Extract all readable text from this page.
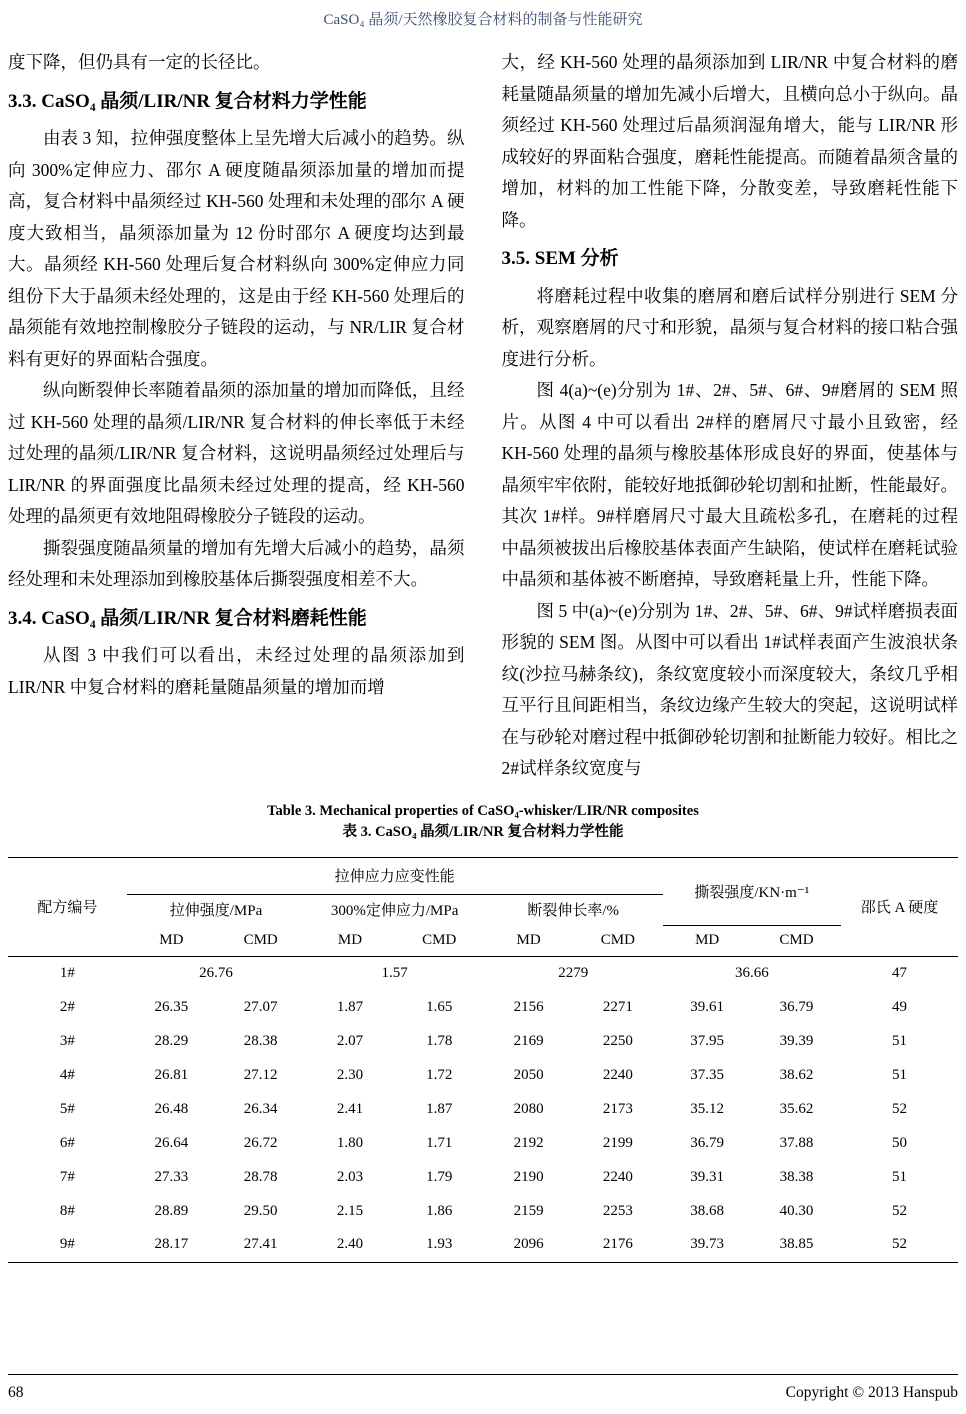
CaSO₄ 晶须/天然橡胶复合材料的制备与性能研究

度下降，但仍具有一定的长径比。

3.3. CaSO₄ 晶须/LIR/NR 复合材料力学性能

由表 3 知，拉伸强度整体上呈先增大后减小的趋势。纵向 300%定伸应力、邵尔 A 硬度随晶须添加量的增加而提高，复合材料中晶须经过 KH-560 处理和未处理的邵尔 A 硬度大致相当，晶须添加量为 12 份时邵尔 A 硬度均达到最大。晶须经 KH-560 处理后复合材料纵向 300%定伸应力同组份下大于晶须未经处理的，这是由于经 KH-560 处理后的晶须能有效地控制橡胶分子链段的运动，与 NR/LIR 复合材料有更好的界面粘合强度。

纵向断裂伸长率随着晶须的添加量的增加而降低，且经过 KH-560 处理的晶须/LIR/NR 复合材料的伸长率低于未经过处理的晶须/LIR/NR 复合材料，这说明晶须经过处理后与 LIR/NR 的界面强度比晶须未经过处理的提高，经 KH-560 处理的晶须更有效地阻碍橡胶分子链段的运动。

撕裂强度随晶须量的增加有先增大后减小的趋势，晶须经处理和未处理添加到橡胶基体后撕裂强度相差不大。

3.4. CaSO₄ 晶须/LIR/NR 复合材料磨耗性能

从图 3 中我们可以看出，未经过处理的晶须添加到 LIR/NR 中复合材料的磨耗量随晶须量的增加而增

大，经 KH-560 处理的晶须添加到 LIR/NR 中复合材料的磨耗量随晶须量的增加先减小后增大，且横向总小于纵向。晶须经过 KH-560 处理过后晶须润湿角增大，能与 LIR/NR 形成较好的界面粘合强度，磨耗性能提高。而随着晶须含量的增加，材料的加工性能下降，分散变差，导致磨耗性能下降。

3.5. SEM 分析

将磨耗过程中收集的磨屑和磨后试样分别进行 SEM 分析，观察磨屑的尺寸和形貌，晶须与复合材料的接口粘合强度进行分析。

图 4(a)~(e)分别为 1#、2#、5#、6#、9#磨屑的 SEM 照片。从图 4 中可以看出 2#样的磨屑尺寸最小且致密，经 KH-560 处理的晶须与橡胶基体形成良好的界面，使基体与晶须牢牢依附，能较好地抵御砂轮切割和扯断，性能最好。其次 1#样。9#样磨屑尺寸最大且疏松多孔，在磨耗的过程中晶须被拔出后橡胶基体表面产生缺陷，使试样在磨耗试验中晶须和基体被不断磨掉，导致磨耗量上升，性能下降。

图 5 中(a)~(e)分别为 1#、2#、5#、6#、9#试样磨损表面形貌的 SEM 图。从图中可以看出 1#试样表面产生波浪状条纹(沙拉马赫条纹)，条纹宽度较小而深度较大，条纹几乎相互平行且间距相当，条纹边缘产生较大的突起，这说明试样在与砂轮对磨过程中抵御砂轮切割和扯断能力较好。相比之 2#试样条纹宽度与

Table 3. Mechanical properties of CaSO₄-whisker/LIR/NR composites
表 3. CaSO₄ 晶须/LIR/NR 复合材料力学性能
配方编号	拉伸应力应变性能						撕裂强度/KN·m⁻¹		邵氏 A 硬度
	拉伸强度/MPa		300%定伸应力/MPa		断裂伸长率/%				
	MD	CMD	MD	CMD	MD	CMD	MD	CMD	
1#	26.76		1.57		2279		36.66		47
2#	26.35	27.07	1.87	1.65	2156	2271	39.61	36.79	49
3#	28.29	28.38	2.07	1.78	2169	2250	37.95	39.39	51
4#	26.81	27.12	2.30	1.72	2050	2240	37.35	38.62	51
5#	26.48	26.34	2.41	1.87	2080	2173	35.12	35.62	52
6#	26.64	26.72	1.80	1.71	2192	2199	36.79	37.88	50
7#	27.33	28.78	2.03	1.79	2190	2240	39.31	38.38	51
8#	28.89	29.50	2.15	1.86	2159	2253	38.68	40.30	52
9#	28.17	27.41	2.40	1.93	2096	2176	39.73	38.85	52
68	Copyright © 2013 Hanspub
